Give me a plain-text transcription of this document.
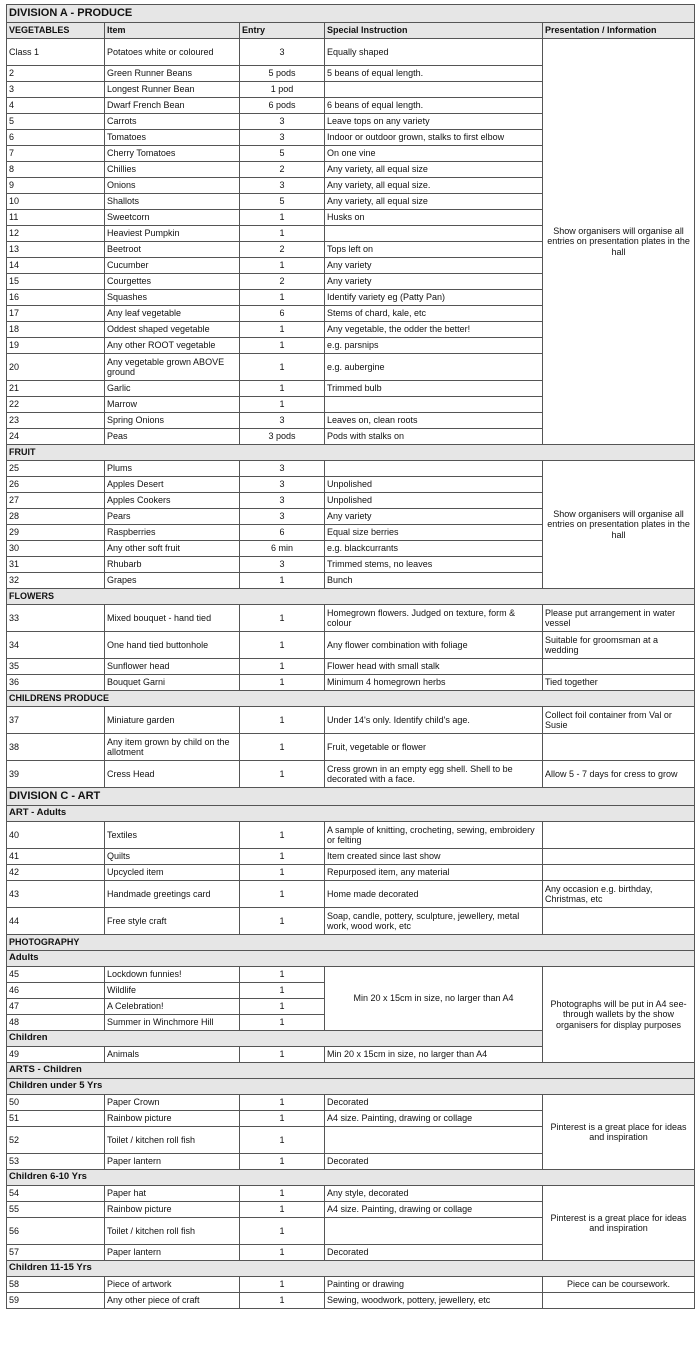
DIVISION A - PRODUCE				
VEGETABLES	Item	Entry	Special Instruction	Presentation / Information
Class 1	Potatoes white or coloured	3	Equally shaped	Show organisers will organise all entries on presentation plates in the hall
2	Green Runner Beans	5 pods	5 beans of equal length.	
3	Longest Runner Bean	1 pod		
4	Dwarf French Bean	6 pods	6 beans of equal length.	
5	Carrots	3	Leave tops on any variety	
6	Tomatoes	3	Indoor or outdoor grown, stalks to first elbow	
7	Cherry Tomatoes	5	On one vine	
8	Chillies	2	Any variety, all equal size	
9	Onions	3	Any variety, all equal size.	
10	Shallots	5	Any variety, all equal size	
11	Sweetcorn	1	Husks on	
12	Heaviest Pumpkin	1		
13	Beetroot	2	Tops left on	
14	Cucumber	1	Any variety	
15	Courgettes	2	Any variety	
16	Squashes	1	Identify variety eg (Patty Pan)	
17	Any leaf vegetable	6	Stems of chard, kale, etc	
18	Oddest shaped vegetable	1	Any vegetable, the odder the better!	
19	Any other ROOT vegetable	1	e.g. parsnips	
20	Any vegetable grown ABOVE ground	1	e.g. aubergine	
21	Garlic	1	Trimmed bulb	
22	Marrow	1		
23	Spring Onions	3	Leaves on, clean roots	
24	Peas	3 pods	Pods with stalks on	
FRUIT				
25	Plums	3		Show organisers will organise all entries on presentation plates in the hall
26	Apples Desert	3	Unpolished	
27	Apples Cookers	3	Unpolished	
28	Pears	3	Any variety	
29	Raspberries	6	Equal size berries	
30	Any other soft fruit	6 min	e.g. blackcurrants	
31	Rhubarb	3	Trimmed stems, no leaves	
32	Grapes	1	Bunch	
FLOWERS				
33	Mixed bouquet - hand tied	1	Homegrown flowers. Judged on texture, form & colour	Please put arrangement in water vessel
34	One hand tied buttonhole	1	Any flower combination with foliage	Suitable for groomsman at a wedding
35	Sunflower head	1	Flower head with small stalk	
36	Bouquet Garni	1	Minimum 4 homegrown herbs	Tied together
CHILDRENS PRODUCE				
37	Miniature garden	1	Under 14's only. Identify child's age.	Collect foil container from Val or Susie
38	Any item grown by child on the allotment	1	Fruit, vegetable or flower	
39	Cress Head	1	Cress grown in an empty egg shell. Shell to be decorated with a face.	Allow 5 - 7 days for cress to grow
DIVISION C - ART				
ART - Adults				
40	Textiles	1	A sample of knitting, crocheting, sewing, embroidery or felting	
41	Quilts	1	Item created since last show	
42	Upcycled item	1	Repurposed item, any material	
43	Handmade greetings card	1	Home made decorated	Any occasion e.g. birthday, Christmas, etc
44	Free style craft	1	Soap, candle, pottery, sculpture, jewellery, metal work, wood work, etc	
PHOTOGRAPHY				
Adults				
45	Lockdown funnies!	1	Min 20 x 15cm in size, no larger than A4	Photographs will be put in A4 see-through wallets by the show organisers for display purposes
46	Wildlife	1		
47	A Celebration!	1		
48	Summer in Winchmore Hill	1		
Children				
49	Animals	1	Min 20 x 15cm in size, no larger than A4	
ARTS - Children				
Children under 5 Yrs				
50	Paper Crown	1	Decorated	Pinterest is a great place for ideas and inspiration
51	Rainbow picture	1	A4 size. Painting, drawing or collage	
52	Toilet / kitchen roll fish	1		
53	Paper lantern	1	Decorated	
Children 6-10 Yrs				
54	Paper hat	1	Any style, decorated	Pinterest is a great place for ideas and inspiration
55	Rainbow picture	1	A4 size. Painting, drawing or collage	
56	Toilet / kitchen roll fish	1		
57	Paper lantern	1	Decorated	
Children 11-15 Yrs				
58	Piece of artwork	1	Painting or drawing	Piece can be coursework.
59	Any other piece of craft	1	Sewing, woodwork, pottery, jewellery, etc	
